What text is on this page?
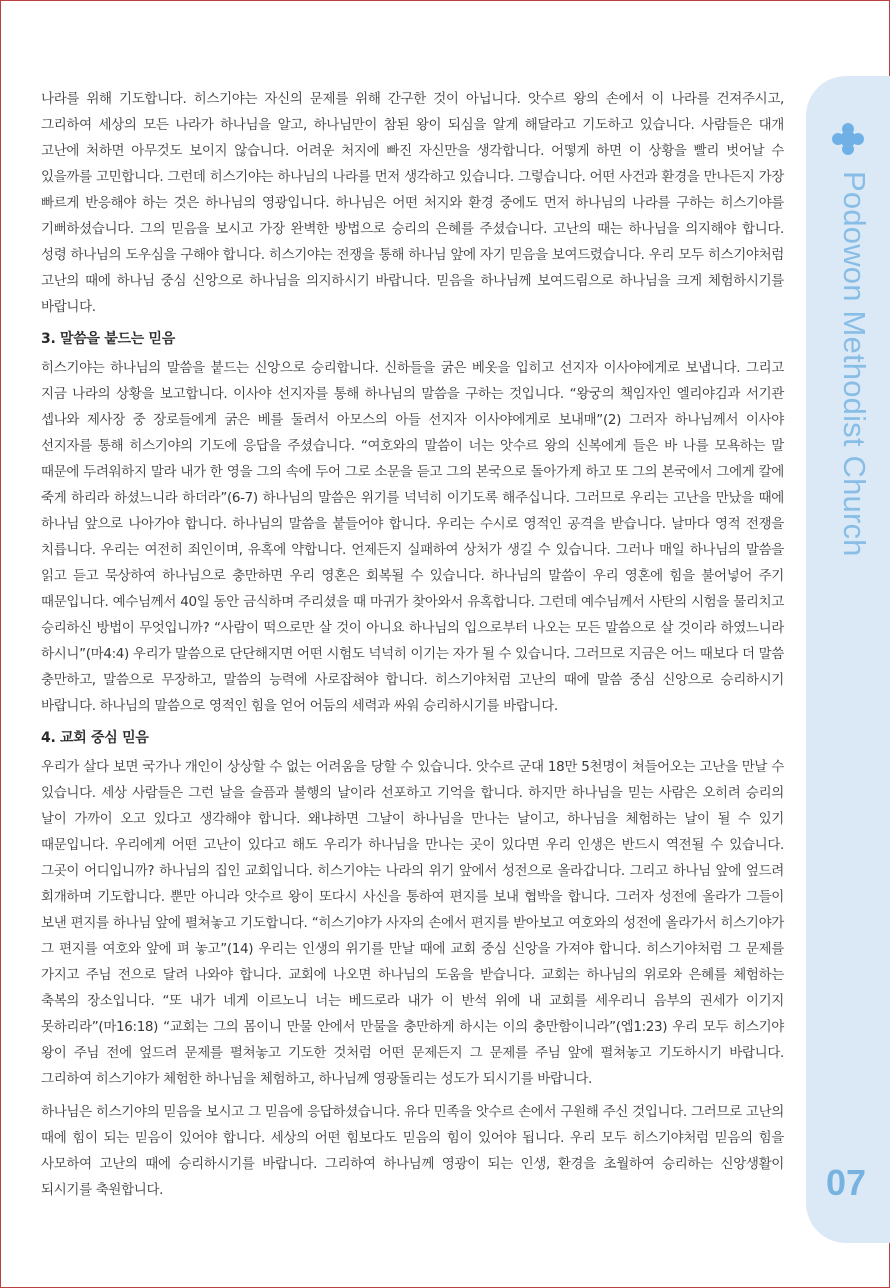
Podowon Methodist Church
07

나라를 위해 기도합니다. 히스기야는 자신의 문제를 위해 간구한 것이 아닙니다. 앗수르 왕의 손에서 이 나라를 건져주시고, 그리하여 세상의 모든 나라가 하나님을 알고, 하나님만이 참된 왕이 되심을 알게 해달라고 기도하고 있습니다. 사람들은 대개 고난에 처하면 아무것도 보이지 않습니다. 어려운 처지에 빠진 자신만을 생각합니다. 어떻게 하면 이 상황을 빨리 벗어날 수 있을까를 고민합니다. 그런데 히스기야는 하나님의 나라를 먼저 생각하고 있습니다. 그렇습니다. 어떤 사건과 환경을 만나든지 가장 빠르게 반응해야 하는 것은 하나님의 영광입니다. 하나님은 어떤 처지와 환경 중에도 먼저 하나님의 나라를 구하는 히스기야를 기뻐하셨습니다. 그의 믿음을 보시고 가장 완벽한 방법으로 승리의 은혜를 주셨습니다. 고난의 때는 하나님을 의지해야 합니다. 성령 하나님의 도우심을 구해야 합니다. 히스기야는 전쟁을 통해 하나님 앞에 자기 믿음을 보여드렸습니다. 우리 모두 히스기야처럼 고난의 때에 하나님 중심 신앙으로 하나님을 의지하시기 바랍니다. 믿음을 하나님께 보여드림으로 하나님을 크게 체험하시기를 바랍니다.

3. 말씀을 붙드는 믿음

히스기야는 하나님의 말씀을 붙드는 신앙으로 승리합니다. 신하들을 굵은 베옷을 입히고 선지자 이사야에게로 보냅니다. 그리고 지금 나라의 상황을 보고합니다. 이사야 선지자를 통해 하나님의 말씀을 구하는 것입니다. “왕궁의 책임자인 엘리야김과 서기관 셉나와 제사장 중 장로들에게 굵은 베를 둘려서 아모스의 아들 선지자 이사야에게로 보내매”(2) 그러자 하나님께서 이사야 선지자를 통해 히스기야의 기도에 응답을 주셨습니다. “여호와의 말씀이 너는 앗수르 왕의 신복에게 들은 바 나를 모욕하는 말 때문에 두려워하지 말라 내가 한 영을 그의 속에 두어 그로 소문을 듣고 그의 본국으로 돌아가게 하고 또 그의 본국에서 그에게 칼에 죽게 하리라 하셨느니라 하더라”(6-7) 하나님의 말씀은 위기를 넉넉히 이기도록 해주십니다. 그러므로 우리는 고난을 만났을 때에 하나님 앞으로 나아가야 합니다. 하나님의 말씀을 붙들어야 합니다. 우리는 수시로 영적인 공격을 받습니다. 날마다 영적 전쟁을 치릅니다. 우리는 여전히 죄인이며, 유혹에 약합니다. 언제든지 실패하여 상처가 생길 수 있습니다. 그러나 매일 하나님의 말씀을 읽고 듣고 묵상하여 하나님으로 충만하면 우리 영혼은 회복될 수 있습니다. 하나님의 말씀이 우리 영혼에 힘을 불어넣어 주기 때문입니다. 예수님께서 40일 동안 금식하며 주리셨을 때 마귀가 찾아와서 유혹합니다. 그런데 예수님께서 사탄의 시험을 물리치고 승리하신 방법이 무엇입니까? “사람이 떡으로만 살 것이 아니요 하나님의 입으로부터 나오는 모든 말씀으로 살 것이라 하였느니라 하시니”(마4:4) 우리가 말씀으로 단단해지면 어떤 시험도 넉넉히 이기는 자가 될 수 있습니다. 그러므로 지금은 어느 때보다 더 말씀 충만하고, 말씀으로 무장하고, 말씀의 능력에 사로잡혀야 합니다. 히스기야처럼 고난의 때에 말씀 중심 신앙으로 승리하시기 바랍니다. 하나님의 말씀으로 영적인 힘을 얻어 어둠의 세력과 싸워 승리하시기를 바랍니다.

4. 교회 중심 믿음

우리가 살다 보면 국가나 개인이 상상할 수 없는 어려움을 당할 수 있습니다. 앗수르 군대 18만 5천명이 쳐들어오는 고난을 만날 수 있습니다. 세상 사람들은 그런 날을 슬픔과 불행의 날이라 선포하고 기억을 합니다. 하지만 하나님을 믿는 사람은 오히려 승리의 날이 가까이 오고 있다고 생각해야 합니다. 왜냐하면 그날이 하나님을 만나는 날이고, 하나님을 체험하는 날이 될 수 있기 때문입니다. 우리에게 어떤 고난이 있다고 해도 우리가 하나님을 만나는 곳이 있다면 우리 인생은 반드시 역전될 수 있습니다. 그곳이 어디입니까? 하나님의 집인 교회입니다. 히스기야는 나라의 위기 앞에서 성전으로 올라갑니다. 그리고 하나님 앞에 엎드려 회개하며 기도합니다. 뿐만 아니라 앗수르 왕이 또다시 사신을 통하여 편지를 보내 협박을 합니다. 그러자 성전에 올라가 그들이 보낸 편지를 하나님 앞에 펼쳐놓고 기도합니다. “히스기야가 사자의 손에서 편지를 받아보고 여호와의 성전에 올라가서 히스기야가 그 편지를 여호와 앞에 펴 놓고”(14) 우리는 인생의 위기를 만날 때에 교회 중심 신앙을 가져야 합니다. 히스기야처럼 그 문제를 가지고 주님 전으로 달려 나와야 합니다. 교회에 나오면 하나님의 도움을 받습니다. 교회는 하나님의 위로와 은혜를 체험하는 축복의 장소입니다. “또 내가 네게 이르노니 너는 베드로라 내가 이 반석 위에 내 교회를 세우리니 음부의 권세가 이기지 못하리라”(마16:18) “교회는 그의 몸이니 만물 안에서 만물을 충만하게 하시는 이의 충만함이니라”(엡1:23) 우리 모두 히스기야 왕이 주님 전에 엎드려 문제를 펼쳐놓고 기도한 것처럼 어떤 문제든지 그 문제를 주님 앞에 펼쳐놓고 기도하시기 바랍니다. 그리하여 히스기야가 체험한 하나님을 체험하고, 하나님께 영광돌리는 성도가 되시기를 바랍니다.

하나님은 히스기야의 믿음을 보시고 그 믿음에 응답하셨습니다. 유다 민족을 앗수르 손에서 구원해 주신 것입니다. 그러므로 고난의 때에 힘이 되는 믿음이 있어야 합니다. 세상의 어떤 힘보다도 믿음의 힘이 있어야 됩니다. 우리 모두 히스기야처럼 믿음의 힘을 사모하여 고난의 때에 승리하시기를 바랍니다. 그리하여 하나님께 영광이 되는 인생, 환경을 초월하여 승리하는 신앙생활이 되시기를 축원합니다.
